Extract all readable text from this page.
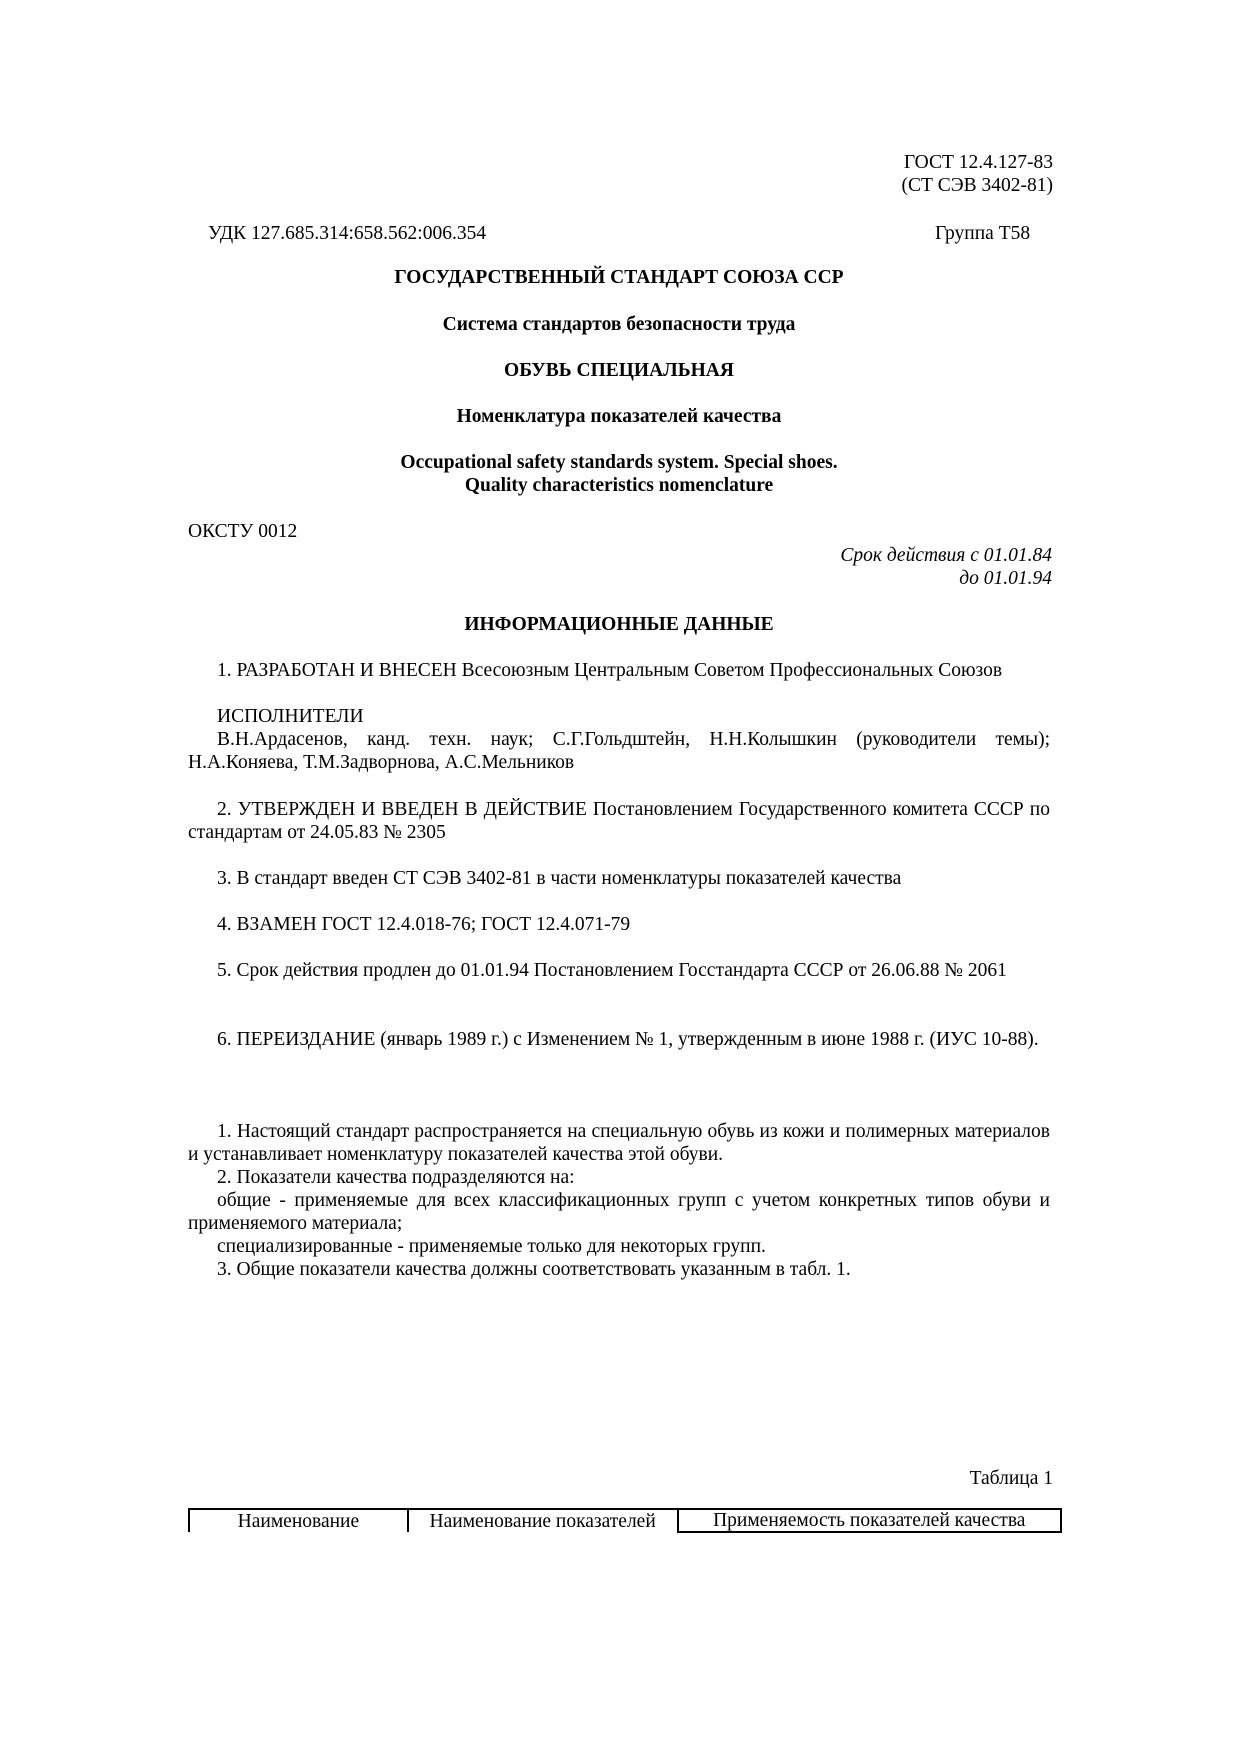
ГОСТ 12.4.127-83

(СТ СЭВ 3402-81)

УДК 127.685.314:658.562:006.354	Группа Т58

ГОСУДАРСТВЕННЫЙ СТАНДАРТ СОЮЗА ССР

Система стандартов безопасности труда

ОБУВЬ СПЕЦИАЛЬНАЯ

Номенклатура показателей качества

Occupational safety standards system. Special shoes.

Quality characteristics nomenclature

ОКСТУ 0012

Срок действия с 01.01.84

до 01.01.94

ИНФОРМАЦИОННЫЕ ДАННЫЕ

1. РАЗРАБОТАН И ВНЕСЕН Всесоюзным Центральным Советом Профессиональных Союзов

ИСПОЛНИТЕЛИ

В.Н.Ардасенов, канд. техн. наук; С.Г.Гольдштейн, Н.Н.Колышкин (руководители темы); Н.А.Коняева, Т.М.Задворнова, А.С.Мельников

2. УТВЕРЖДЕН И ВВЕДЕН В ДЕЙСТВИЕ Постановлением Государственного комитета СССР по стандартам от 24.05.83 № 2305

3. В стандарт введен СТ СЭВ 3402-81 в части номенклатуры показателей качества

4. ВЗАМЕН ГОСТ 12.4.018-76; ГОСТ 12.4.071-79

5. Срок действия продлен до 01.01.94 Постановлением Госстандарта СССР от 26.06.88 № 2061

6. ПЕРЕИЗДАНИЕ (январь 1989 г.) с Изменением № 1, утвержденным в июне 1988 г. (ИУС 10-88).

1. Настоящий стандарт распространяется на специальную обувь из кожи и полимерных материалов и устанавливает номенклатуру показателей качества этой обуви.

2. Показатели качества подразделяются на:

общие - применяемые для всех классификационных групп с учетом конкретных типов обуви и применяемого материала;

специализированные - применяемые только для некоторых групп.

3. Общие показатели качества должны соответствовать указанным в табл. 1.

Таблица 1

Наименование	Наименование показателей	Применяемость показателей качества
